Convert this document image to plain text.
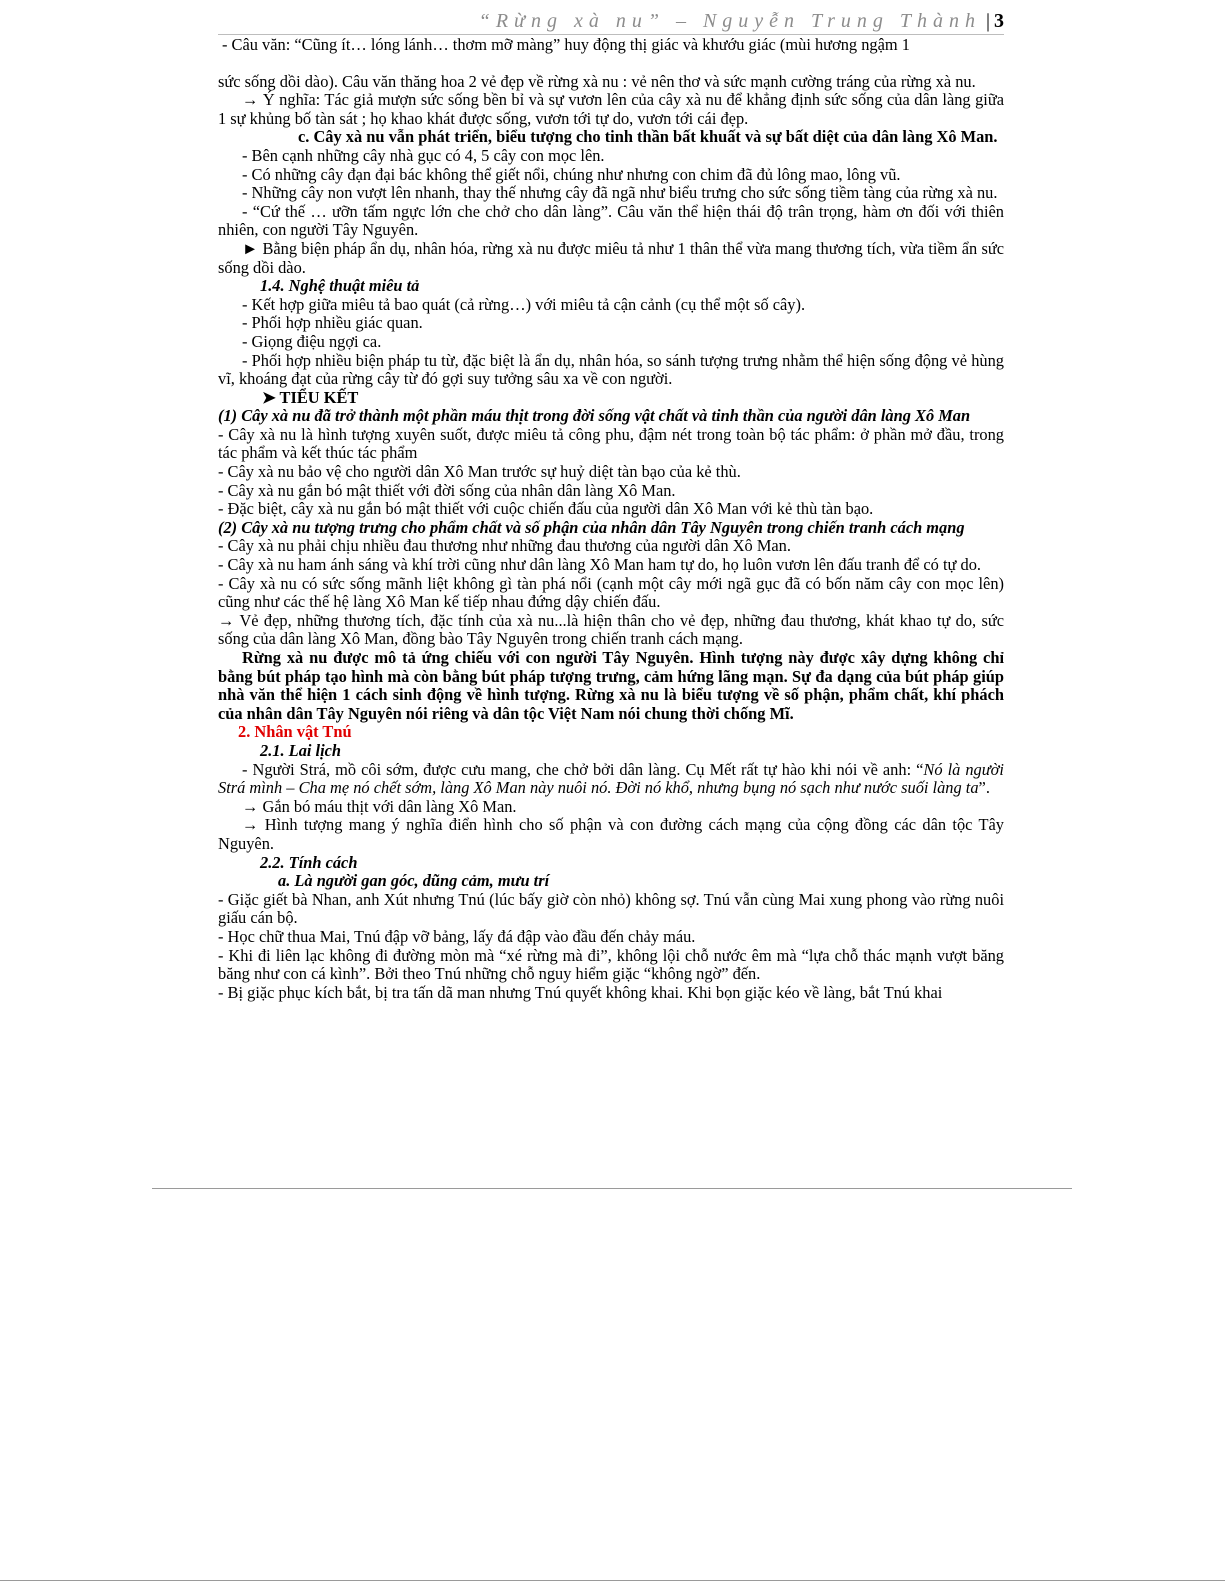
“Rừng xà nu” – Nguyễn Trung Thành | 3

- Câu văn: “Cũng ít… lóng lánh… thơm mỡ màng” huy động thị giác và khướu giác (mùi hương ngậm 1

sức sống dồi dào). Câu văn thăng hoa 2 vẻ đẹp về rừng xà nu : vẻ nên thơ và sức mạnh cường tráng của rừng xà nu.

→ Ý nghĩa: Tác giả mượn sức sống bền bỉ và sự vươn lên của cây xà nu để khẳng định sức sống của dân làng giữa 1 sự khủng bố tàn sát ; họ khao khát được sống, vươn tới tự do, vươn tới cái đẹp.

c. Cây xà nu vẫn phát triển, biểu tượng cho tinh thần bất khuất và sự bất diệt của dân làng Xô Man.

- Bên cạnh những cây nhà gục có 4, 5 cây con mọc lên.

- Có những cây đạn đại bác không thể giết nổi, chúng như nhưng con chim đã đủ lông mao, lông vũ.

- Những cây non vượt lên nhanh, thay thế nhưng cây đã ngã như biểu trưng cho sức sống tiềm tàng của rừng xà nu.

- “Cứ thế … ưỡn tấm ngực lớn che chở cho dân làng”. Câu văn thể hiện thái độ trân trọng, hàm ơn đối với thiên nhiên, con người Tây Nguyên.

► Bằng biện pháp ẩn dụ, nhân hóa, rừng xà nu được miêu tả như 1 thân thể vừa mang thương tích, vừa tiềm ẩn sức sống dồi dào.

1.4. Nghệ thuật miêu tả

- Kết hợp giữa miêu tả bao quát (cả rừng…) với miêu tả cận cảnh (cụ thể một số cây).

- Phối hợp nhiều giác quan.

- Giọng điệu ngợi ca.

- Phối hợp nhiều biện pháp tu từ, đặc biệt là ẩn dụ, nhân hóa, so sánh tượng trưng nhằm thể hiện sống động vẻ hùng vĩ, khoáng đạt của rừng cây từ đó gợi suy tưởng sâu xa về con người.

➤ TIỂU KẾT

(1) Cây xà nu đã trở thành một phần máu thịt trong đời sống vật chất và tinh thần của người dân làng Xô Man

- Cây xà nu là hình tượng xuyên suốt, được miêu tả công phu, đậm nét trong toàn bộ tác phẩm: ở phần mở đầu, trong tác phẩm và kết thúc tác phẩm

- Cây xà nu bảo vệ cho người dân Xô Man trước sự huỷ diệt tàn bạo của kẻ thù.

- Cây xà nu gắn bó mật thiết với đời sống của nhân dân làng Xô Man.

- Đặc biệt, cây xà nu gắn bó mật thiết với cuộc chiến đấu của người dân Xô Man với kẻ thù tàn bạo.

(2) Cây xà nu tượng trưng cho phẩm chất và số phận của nhân dân Tây Nguyên trong chiến tranh cách mạng

- Cây xà nu phải chịu nhiều đau thương như những đau thương của người dân Xô Man.

- Cây xà nu ham ánh sáng và khí trời cũng như dân làng Xô Man ham tự do, họ luôn vươn lên đấu tranh để có tự do.

- Cây xà nu có sức sống mãnh liệt không gì tàn phá nổi (cạnh một cây mới ngã gục đã có bốn năm cây con mọc lên) cũng như các thế hệ làng Xô Man kế tiếp nhau đứng dậy chiến đấu.

→ Vẻ đẹp, những thương tích, đặc tính của xà nu...là hiện thân cho vẻ đẹp, những đau thương, khát khao tự do, sức sống của dân làng Xô Man, đồng bào Tây Nguyên trong chiến tranh cách mạng.

Rừng xà nu được mô tả ứng chiếu với con người Tây Nguyên. Hình tượng này được xây dựng không chỉ bằng bút pháp tạo hình mà còn bằng bút pháp tượng trưng, cảm hứng lãng mạn. Sự đa dạng của bút pháp giúp nhà văn thể hiện 1 cách sinh động về hình tượng. Rừng xà nu là biểu tượng về số phận, phẩm chất, khí phách của nhân dân Tây Nguyên nói riêng và dân tộc Việt Nam nói chung thời chống Mĩ.

2. Nhân vật Tnú

2.1. Lai lịch

- Người Strá, mồ côi sớm, được cưu mang, che chở bởi dân làng. Cụ Mết rất tự hào khi nói về anh: “Nó là người Strá mình – Cha mẹ nó chết sớm, làng Xô Man này nuôi nó. Đời nó khổ, nhưng bụng nó sạch như nước suối làng ta”.

→ Gắn bó máu thịt với dân làng Xô Man.

→ Hình tượng mang ý nghĩa điển hình cho số phận và con đường cách mạng của cộng đồng các dân tộc Tây Nguyên.

2.2. Tính cách

a. Là người gan góc, dũng cảm, mưu trí

- Giặc giết bà Nhan, anh Xút nhưng Tnú (lúc bấy giờ còn nhỏ) không sợ. Tnú vẫn cùng Mai xung phong vào rừng nuôi giấu cán bộ.

- Học chữ thua Mai, Tnú đập vỡ bảng, lấy đá đập vào đầu đến chảy máu.

- Khi đi liên lạc không đi đường mòn mà “xé rừng mà đi”, không lội chỗ nước êm mà “lựa chỗ thác mạnh vượt băng băng như con cá kình”. Bởi theo Tnú những chỗ nguy hiểm giặc “không ngờ” đến.

- Bị giặc phục kích bắt, bị tra tấn dã man nhưng Tnú quyết không khai. Khi bọn giặc kéo về làng, bắt Tnú khai
